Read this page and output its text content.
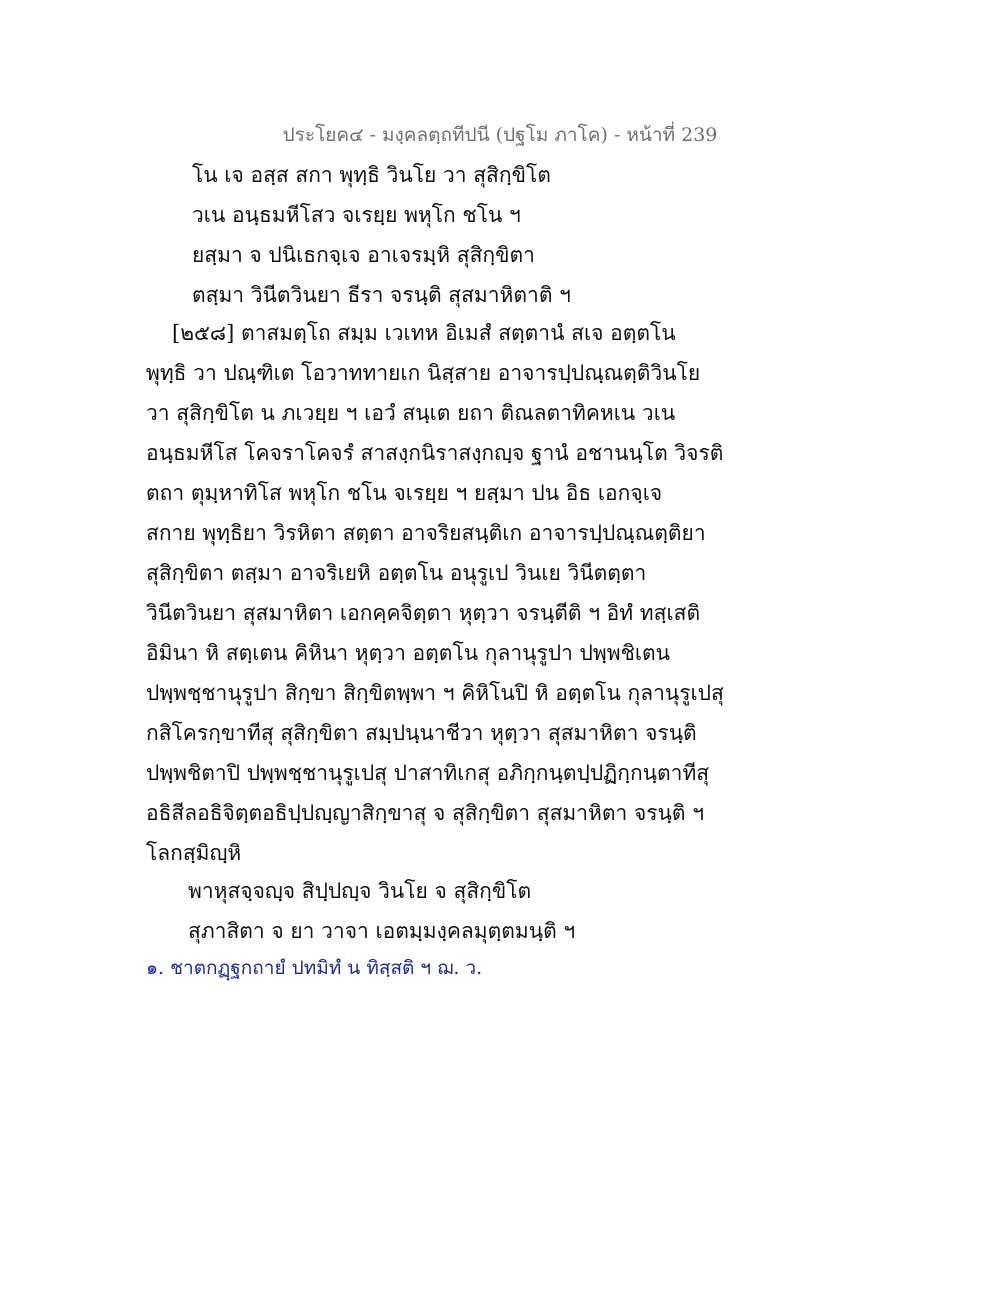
ประโยค๔ - มงฺคลตฺถทีปนี (ปฐโม ภาโค) - หน้าที่ 239
โน เจ อสฺส สกา พุทฺธิ วินโย วา สุสิกฺขิโต
วเน อนฺธมหีโสว จเรยฺย พหุโก ชโน ฯ
ยสฺมา จ ปนิเธกจฺเจ อาเจรมฺหิ สุสิกฺขิตา
ตสฺมา วินีตวินยา ธีรา จรนฺติ สุสมาหิตาติ ฯ
[๒๕๘] ตาสมตฺโถ สมฺม เวเทห อิเมสํ สตฺตานํ สเจ อตฺตโน
พุทฺธิ วา ปณฺฑิเต โอวาททายเก นิสฺสาย อาจารปฺปณฺณตฺติวินโย
วา สุสิกฺขิโต น ภเวยฺย ฯ เอวํ สนฺเต ยถา ติณลตาทิคหเน วเน
อนฺธมหีโส โคจราโคจรํ สาสงฺกนิราสงฺกญฺจ ฐานํ อชานนฺโต วิจรติ
ตถา ตุมฺหาทิโส พหุโก ชโน จเรยฺย ฯ ยสฺมา ปน อิธ เอกจฺเจ
สกาย พุทฺธิยา วิรหิตา สตฺตา อาจริยสนฺติเก อาจารปฺปณฺณตฺติยา
สุสิกฺขิตา ตสฺมา อาจริเยหิ อตฺตโน อนุรูเป วินเย วินีตตฺตา
วินีตวินยา สุสมาหิตา เอกคฺคจิตฺตา หุตฺวา จรนฺตีติ ฯ อิทํ ทสฺเสติ
อิมินา หิ สตฺเตน คิหินา หุตฺวา อตฺตโน กุลานุรูปา ปพฺพชิเตน
ปพฺพชฺชานุรูปา สิกฺขา สิกฺขิตพฺพา ฯ คิหิโนปิ หิ อตฺตโน กุลานุรูเปสุ
กสิโครกฺขาทีสุ สุสิกฺขิตา สมฺปนฺนาชีวา หุตฺวา สุสมาหิตา จรนฺติ
ปพฺพชิตาปิ ปพฺพชฺชานุรูเปสุ ปาสาทิเกสุ อภิกฺกนฺตปฺปฏิกฺกนฺตาทีสุ
อธิสีลอธิจิตฺตอธิปฺปญฺญาสิกฺขาสุ จ สุสิกฺขิตา สุสมาหิตา จรนฺติ ฯ
โลกสฺมิญฺหิ
พาหุสจฺจญฺจ สิปฺปญฺจ วินโย จ สุสิกฺขิโต
สุภาสิตา จ ยา วาจา เอตมฺมงฺคลมุตฺตมนฺติ ฯ
๑. ชาตกฏฺฐกถายํ ปทมิทํ น ทิสฺสติ ฯ ฌ. ว.
